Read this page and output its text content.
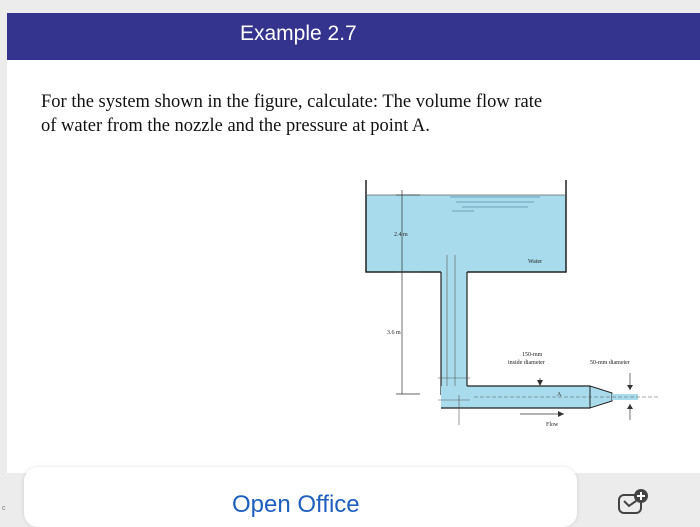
Example 2.7
For the system shown in the figure, calculate: The volume flow rate
of water from the nozzle and the pressure at point A.
2.4 m
3.6 m
Water
150-mm
inside diameter	50-mm diameter
A
Flow
Open Office
c
